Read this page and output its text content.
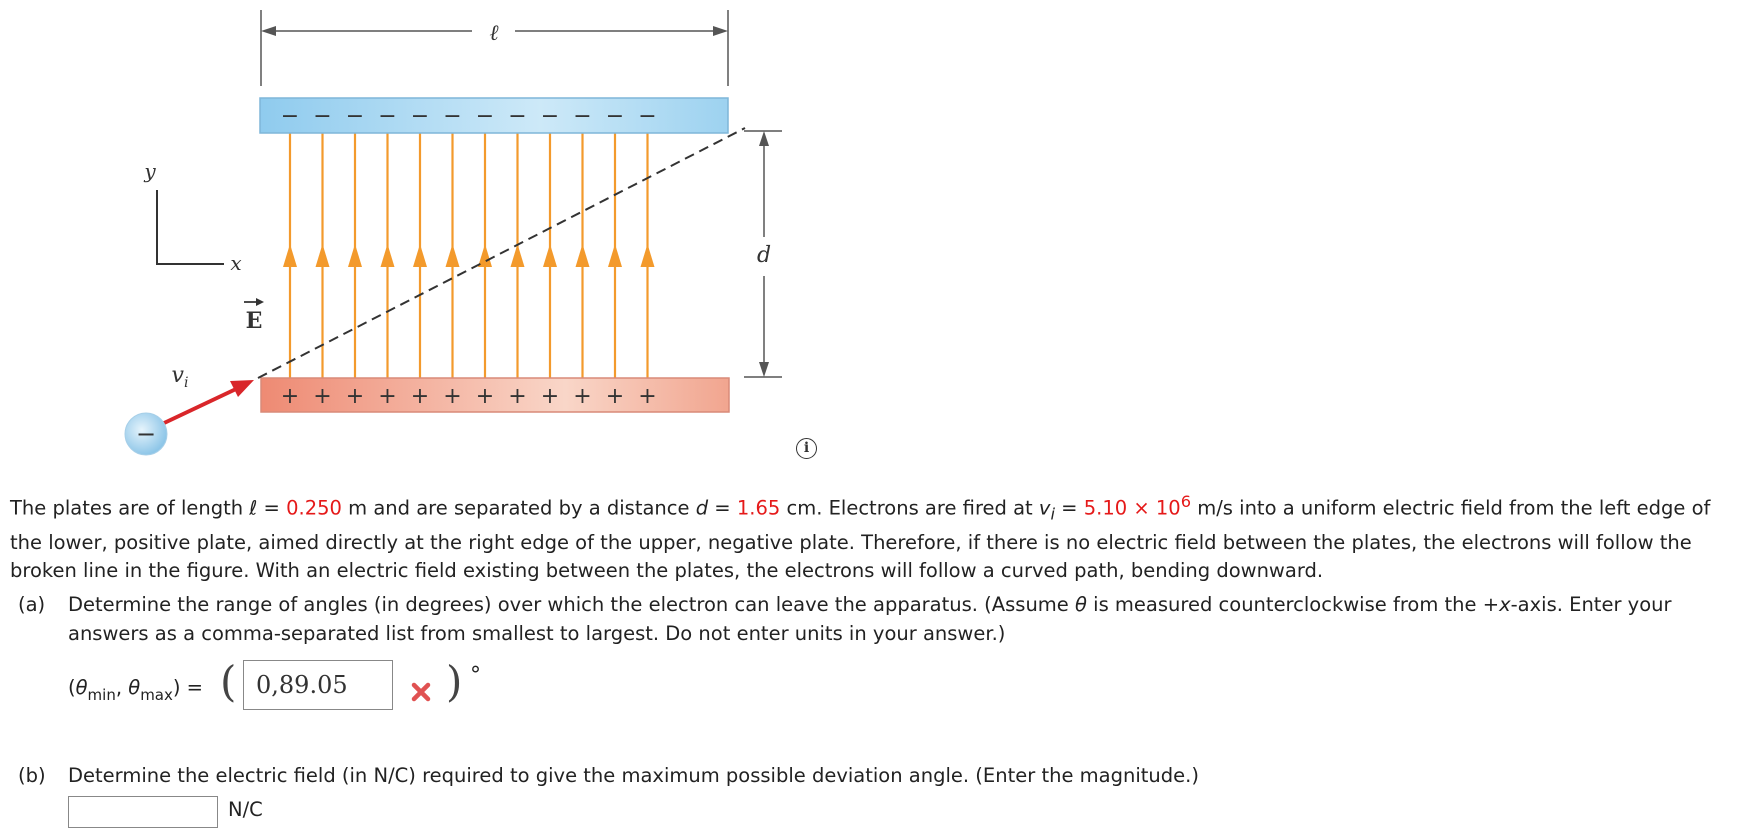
ℓ
− − − − − − − − − − − −
+ + + + + + + + + + + +
d
y
x
E
$v_i$
−	i
The plates are of length ℓ = 0.250 m and are separated by a distance d = 1.65 cm. Electrons are fired at $v_i = 5.10 \times 10^6$ m/s into a uniform electric field from the left edge of the lower, positive plate, aimed directly at the right edge of the upper, negative plate. Therefore, if there is no electric field between the plates, the electrons will follow the broken line in the figure. With an electric field existing between the plates, the electrons will follow a curved path, bending downward.
(a) Determine the range of angles (in degrees) over which the electron can leave the apparatus. (Assume θ is measured counterclockwise from the +x-axis. Enter your answers as a comma-separated list from smallest to largest. Do not enter units in your answer.)
($\theta_{min}$, $\theta_{max}$) = (
0,89.05	) °
(b) Determine the electric field (in N/C) required to give the maximum possible deviation angle. (Enter the magnitude.)
N/C
